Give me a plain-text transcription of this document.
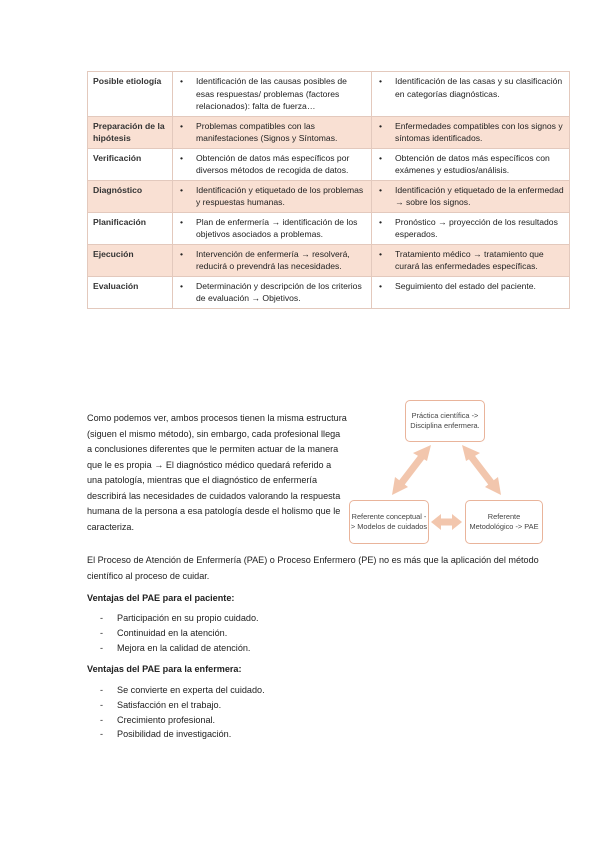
Posible etiología	• Identificación de las causas posibles de esas respuestas/ problemas (factores relacionados): falta de fuerza…	• Identificación de las casas y su clasificación en categorías diagnósticas.

Preparación de la hipótesis	• Problemas compatibles con las manifestaciones (Signos y Síntomas.	• Enfermedades compatibles con los signos y síntomas identificados.

Verificación	• Obtención de datos más específicos por diversos métodos de recogida de datos.	• Obtención de datos más específicos con exámenes y estudios/análisis.

Diagnóstico	• Identificación y etiquetado de los problemas y respuestas humanas.	• Identificación y etiquetado de la enfermedad → sobre los signos.

Planificación	• Plan de enfermería → identificación de los objetivos asociados a problemas.	• Pronóstico → proyección de los resultados esperados.

Ejecución	• Intervención de enfermería → resolverá, reducirá o prevendrá las necesidades.	• Tratamiento médico → tratamiento que curará las enfermedades específicas.

Evaluación	• Determinación y descripción de los criterios de evaluación → Objetivos.	• Seguimiento del estado del paciente.
Como podemos ver, ambos procesos tienen la misma estructura (siguen el mismo método), sin embargo, cada profesional llega a conclusiones diferentes que le permiten actuar de la manera que le es propia → El diagnóstico médico quedará referido a una patología, mientras que el diagnóstico de enfermería describirá las necesidades de cuidados valorando la respuesta humana de la persona a esa patología desde el holismo que le caracteriza.
Práctica científica -> Disciplina enfermera.
Referente conceptual -> Modelos de cuidados
Referente Metodológico -> PAE
El Proceso de Atención de Enfermería (PAE) o Proceso Enfermero (PE) no es más que la aplicación del método científico al proceso de cuidar.
Ventajas del PAE para el paciente:
-	Participación en su propio cuidado.
-	Continuidad en la atención.
-	Mejora en la calidad de atención.
Ventajas del PAE para la enfermera:
-	Se convierte en experta del cuidado.
-	Satisfacción en el trabajo.
-	Crecimiento profesional.
-	Posibilidad de investigación.
